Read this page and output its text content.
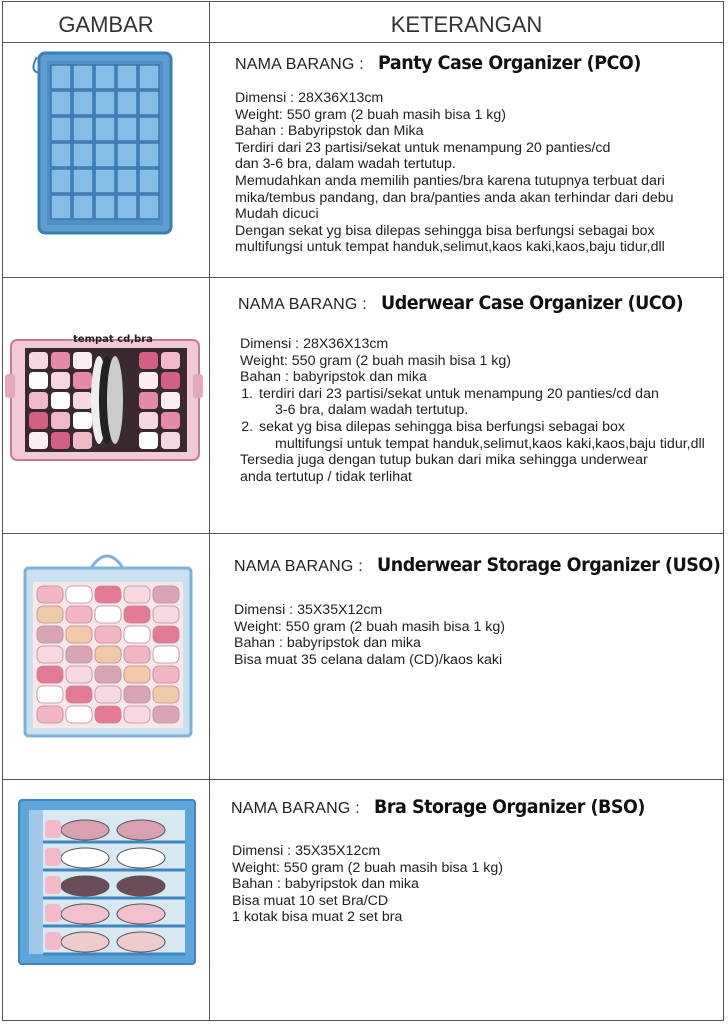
GAMBAR	KETERANGAN
NAMA BARANG : Panty Case Organizer (PCO)
Dimensi : 28X36X13cm
Weight: 550 gram (2 buah masih bisa 1 kg)
Bahan : Babyripstok dan Mika
Terdiri dari 23 partisi/sekat untuk menampung 20 panties/cd
dan 3-6 bra, dalam wadah tertutup.
Memudahkan anda memilih panties/bra karena tutupnya terbuat dari
mika/tembus pandang, dan bra/panties anda akan terhindar dari debu
Mudah dicuci
Dengan sekat yg bisa dilepas sehingga bisa berfungsi sebagai box
multifungsi untuk tempat handuk,selimut,kaos kaki,kaos,baju tidur,dll
tempat cd,bra
NAMA BARANG : Uderwear Case Organizer (UCO)
Dimensi : 28X36X13cm
Weight: 550 gram (2 buah masih bisa 1 kg)
Bahan : babyripstok dan mika
1. terdiri dari 23 partisi/sekat untuk menampung 20 panties/cd dan
3-6 bra, dalam wadah tertutup.
2. sekat yg bisa dilepas sehingga bisa berfungsi sebagai box
multifungsi untuk tempat handuk,selimut,kaos kaki,kaos,baju tidur,dll
Tersedia juga dengan tutup bukan dari mika sehingga underwear
anda tertutup / tidak terlihat
NAMA BARANG : Underwear Storage Organizer (USO)
Dimensi : 35X35X12cm
Weight: 550 gram (2 buah masih bisa 1 kg)
Bahan : babyripstok dan mika
Bisa muat 35 celana dalam (CD)/kaos kaki
NAMA BARANG : Bra Storage Organizer (BSO)
Dimensi : 35X35X12cm
Weight: 550 gram (2 buah masih bisa 1 kg)
Bahan : babyripstok dan mika
Bisa muat 10 set Bra/CD
1 kotak bisa muat 2 set bra
